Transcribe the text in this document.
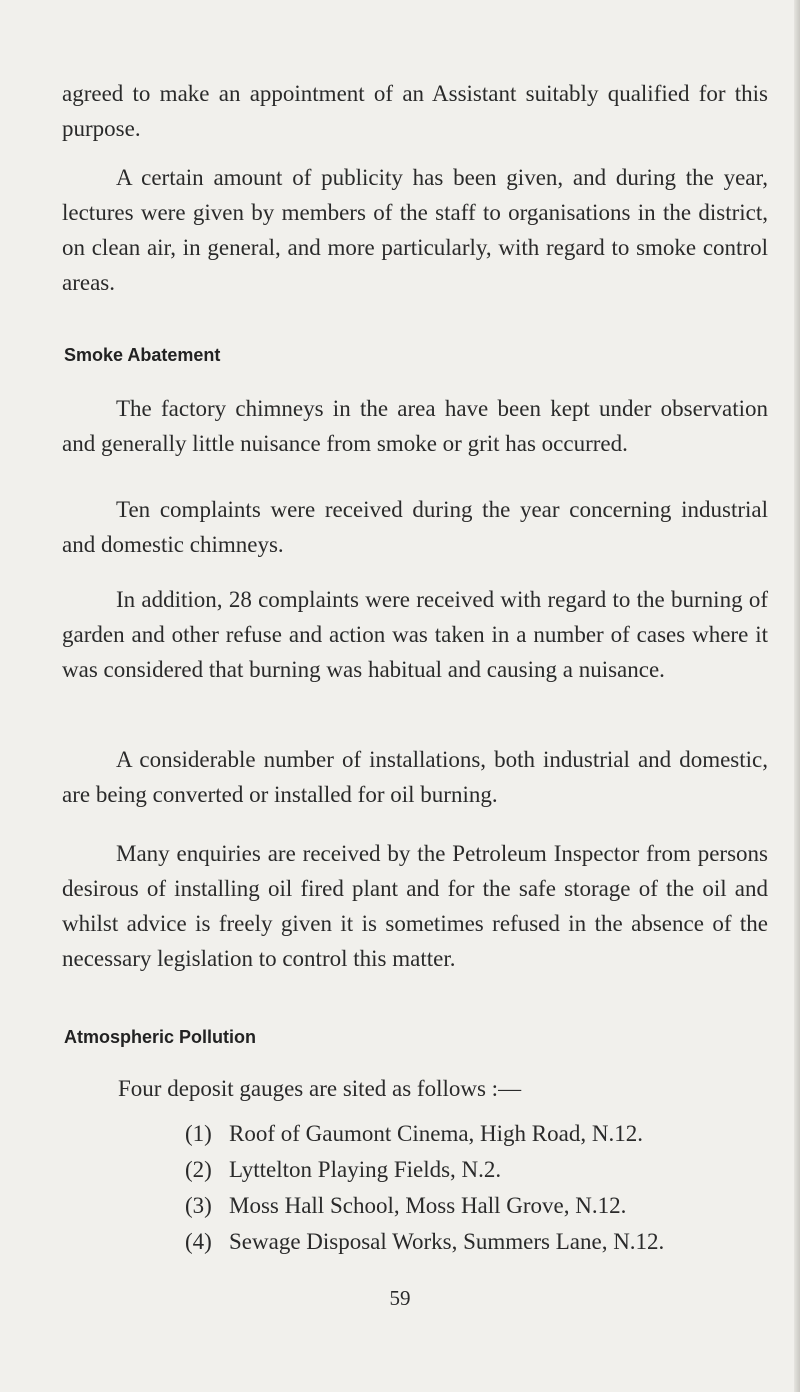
agreed to make an appointment of an Assistant suitably qualified for this purpose.

A certain amount of publicity has been given, and during the year, lectures were given by members of the staff to organisations in the district, on clean air, in general, and more particularly, with regard to smoke control areas.

Smoke Abatement

The factory chimneys in the area have been kept under observation and generally little nuisance from smoke or grit has occurred.

Ten complaints were received during the year concerning industrial and domestic chimneys.

In addition, 28 complaints were received with regard to the burning of garden and other refuse and action was taken in a number of cases where it was considered that burning was habitual and causing a nuisance.

A considerable number of installations, both industrial and domestic, are being converted or installed for oil burning.

Many enquiries are received by the Petroleum Inspector from persons desirous of installing oil fired plant and for the safe storage of the oil and whilst advice is freely given it is sometimes refused in the absence of the necessary legislation to control this matter.

Atmospheric Pollution

Four deposit gauges are sited as follows :—

(1) Roof of Gaumont Cinema, High Road, N.12.
(2) Lyttelton Playing Fields, N.2.
(3) Moss Hall School, Moss Hall Grove, N.12.
(4) Sewage Disposal Works, Summers Lane, N.12.

59
